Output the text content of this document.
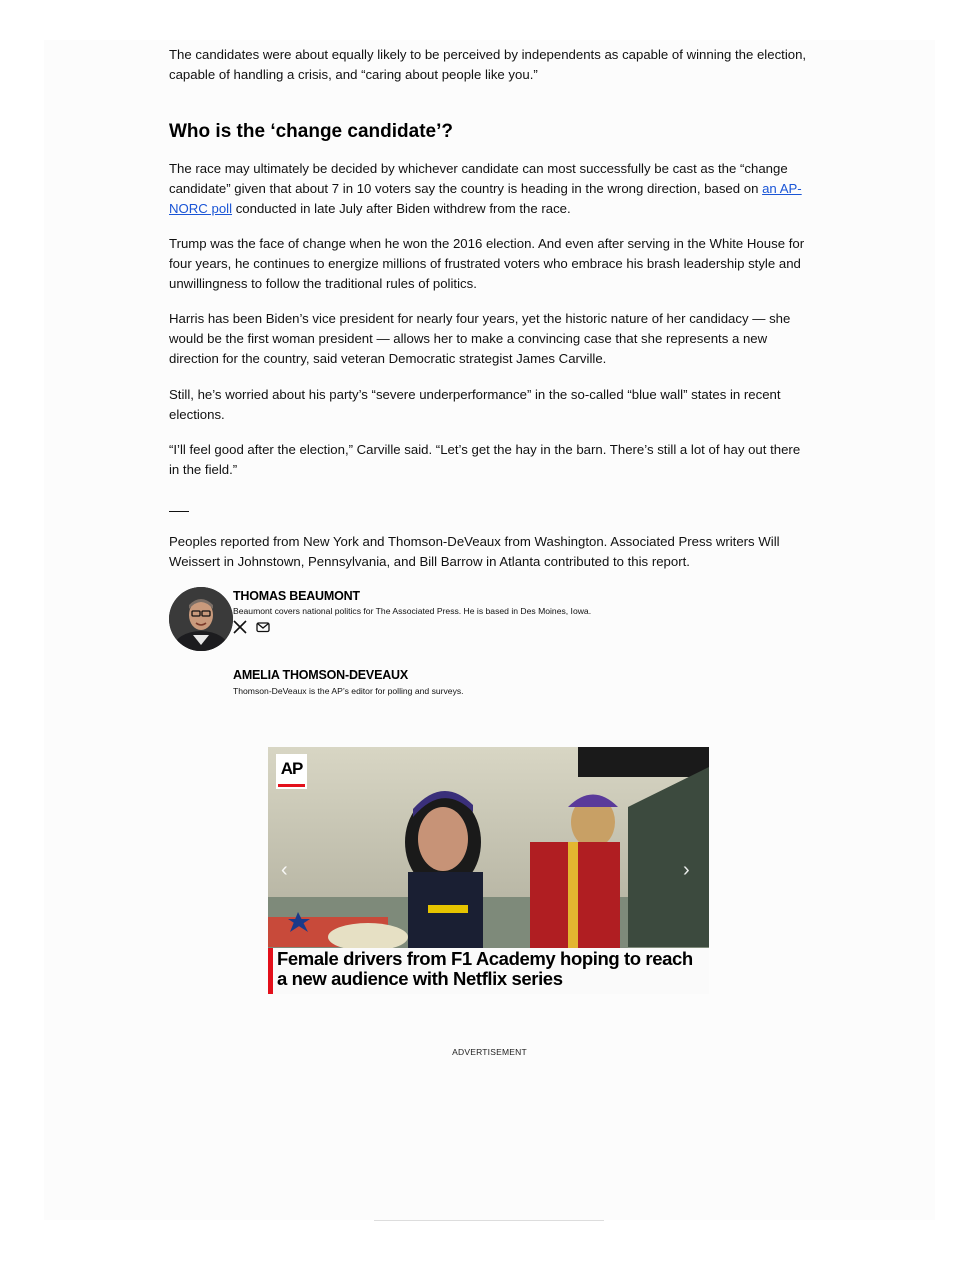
The candidates were about equally likely to be perceived by independents as capable of winning the election, capable of handling a crisis, and “caring about people like you.”

Who is the ‘change candidate’?

The race may ultimately be decided by whichever candidate can most successfully be cast as the “change candidate” given that about 7 in 10 voters say the country is heading in the wrong direction, based on an AP-NORC poll conducted in late July after Biden withdrew from the race.

Trump was the face of change when he won the 2016 election. And even after serving in the White House for four years, he continues to energize millions of frustrated voters who embrace his brash leadership style and unwillingness to follow the traditional rules of politics.

Harris has been Biden’s vice president for nearly four years, yet the historic nature of her candidacy — she would be the first woman president — allows her to make a convincing case that she represents a new direction for the country, said veteran Democratic strategist James Carville.

Still, he’s worried about his party’s “severe underperformance” in the so-called “blue wall” states in recent elections.

“I’ll feel good after the election,” Carville said. “Let’s get the hay in the barn. There’s still a lot of hay out there in the field.”

Peoples reported from New York and Thomson-DeVeaux from Washington. Associated Press writers Will Weissert in Johnstown, Pennsylvania, and Bill Barrow in Atlanta contributed to this report.

THOMAS BEAUMONT
Beaumont covers national politics for The Associated Press. He is based in Des Moines, Iowa.
AMELIA THOMSON-DEVEAUX
Thomson-DeVeaux is the AP’s editor for polling and surveys.
AP
‹	›
Female drivers from F1 Academy hoping to reach a new audience with Netflix series
ADVERTISEMENT
